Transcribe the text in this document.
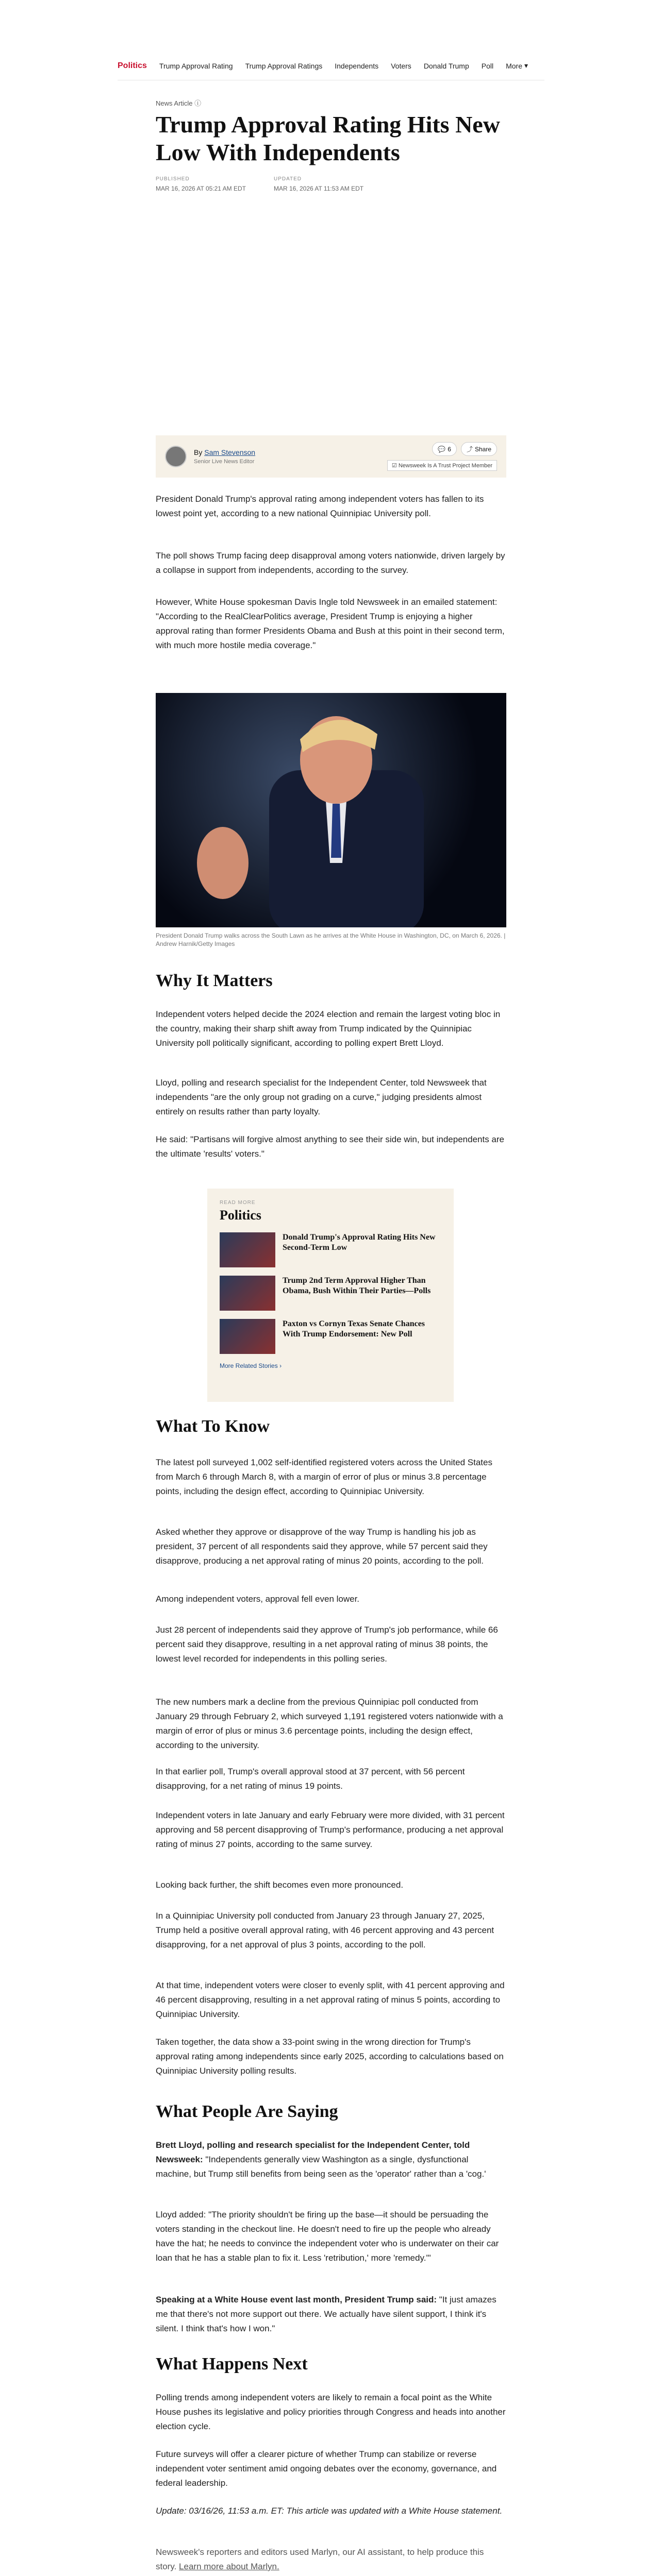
Politics Trump Approval Rating Trump Approval Ratings Independents Voters Donald Trump Poll More ▾
News Article ⓘ
Trump Approval Rating Hits New Low With Independents
PUBLISHED
MAR 16, 2026 AT 05:21 AM EDT
UPDATED
MAR 16, 2026 AT 11:53 AM EDT
By Sam Stevenson
Senior Live News Editor
💬 6	⤴ Share
☑ Newsweek Is A Trust Project Member

President Donald Trump's approval rating among independent voters has fallen to its lowest point yet, according to a new national Quinnipiac University poll.

The poll shows Trump facing deep disapproval among voters nationwide, driven largely by a collapse in support from independents, according to the survey.

However, White House spokesman Davis Ingle told Newsweek in an emailed statement: "According to the RealClearPolitics average, President Trump is enjoying a higher approval rating than former Presidents Obama and Bush at this point in their second term, with much more hostile media coverage."

President Donald Trump walks across the South Lawn as he arrives at the White House in Washington, DC, on March 6, 2026. | Andrew Harnik/Getty Images
Why It Matters

Independent voters helped decide the 2024 election and remain the largest voting bloc in the country, making their sharp shift away from Trump indicated by the Quinnipiac University poll politically significant, according to polling expert Brett Lloyd.

Lloyd, polling and research specialist for the Independent Center, told Newsweek that independents "are the only group not grading on a curve," judging presidents almost entirely on results rather than party loyalty.

He said: "Partisans will forgive almost anything to see their side win, but independents are the ultimate 'results' voters."

READ MORE
Politics
Donald Trump's Approval Rating Hits New Second-Term Low
Trump 2nd Term Approval Higher Than Obama, Bush Within Their Parties—Polls
Paxton vs Cornyn Texas Senate Chances With Trump Endorsement: New Poll
More Related Stories ›
What To Know

The latest poll surveyed 1,002 self-identified registered voters across the United States from March 6 through March 8, with a margin of error of plus or minus 3.8 percentage points, including the design effect, according to Quinnipiac University.

Asked whether they approve or disapprove of the way Trump is handling his job as president, 37 percent of all respondents said they approve, while 57 percent said they disapprove, producing a net approval rating of minus 20 points, according to the poll.

Among independent voters, approval fell even lower.

Just 28 percent of independents said they approve of Trump's job performance, while 66 percent said they disapprove, resulting in a net approval rating of minus 38 points, the lowest level recorded for independents in this polling series.

The new numbers mark a decline from the previous Quinnipiac poll conducted from January 29 through February 2, which surveyed 1,191 registered voters nationwide with a margin of error of plus or minus 3.6 percentage points, including the design effect, according to the university.

In that earlier poll, Trump's overall approval stood at 37 percent, with 56 percent disapproving, for a net rating of minus 19 points.

Independent voters in late January and early February were more divided, with 31 percent approving and 58 percent disapproving of Trump's performance, producing a net approval rating of minus 27 points, according to the same survey.

Looking back further, the shift becomes even more pronounced.

In a Quinnipiac University poll conducted from January 23 through January 27, 2025, Trump held a positive overall approval rating, with 46 percent approving and 43 percent disapproving, for a net approval of plus 3 points, according to the poll.

At that time, independent voters were closer to evenly split, with 41 percent approving and 46 percent disapproving, resulting in a net approval rating of minus 5 points, according to Quinnipiac University.

Taken together, the data show a 33-point swing in the wrong direction for Trump's approval rating among independents since early 2025, according to calculations based on Quinnipiac University polling results.

What People Are Saying

Brett Lloyd, polling and research specialist for the Independent Center, told Newsweek: "Independents generally view Washington as a single, dysfunctional machine, but Trump still benefits from being seen as the 'operator' rather than a 'cog.'

Lloyd added: "The priority shouldn't be firing up the base—it should be persuading the voters standing in the checkout line. He doesn't need to fire up the people who already have the hat; he needs to convince the independent voter who is underwater on their car loan that he has a stable plan to fix it. Less 'retribution,' more 'remedy.'"

Speaking at a White House event last month, President Trump said: "It just amazes me that there's not more support out there. We actually have silent support, I think it's silent. I think that's how I won."

What Happens Next

Polling trends among independent voters are likely to remain a focal point as the White House pushes its legislative and policy priorities through Congress and heads into another election cycle.

Future surveys will offer a clearer picture of whether Trump can stabilize or reverse independent voter sentiment amid ongoing debates over the economy, governance, and federal leadership.

Update: 03/16/26, 11:53 a.m. ET: This article was updated with a White House statement.

Newsweek's reporters and editors used Marlyn, our AI assistant, to help produce this story. Learn more about Marlyn.
